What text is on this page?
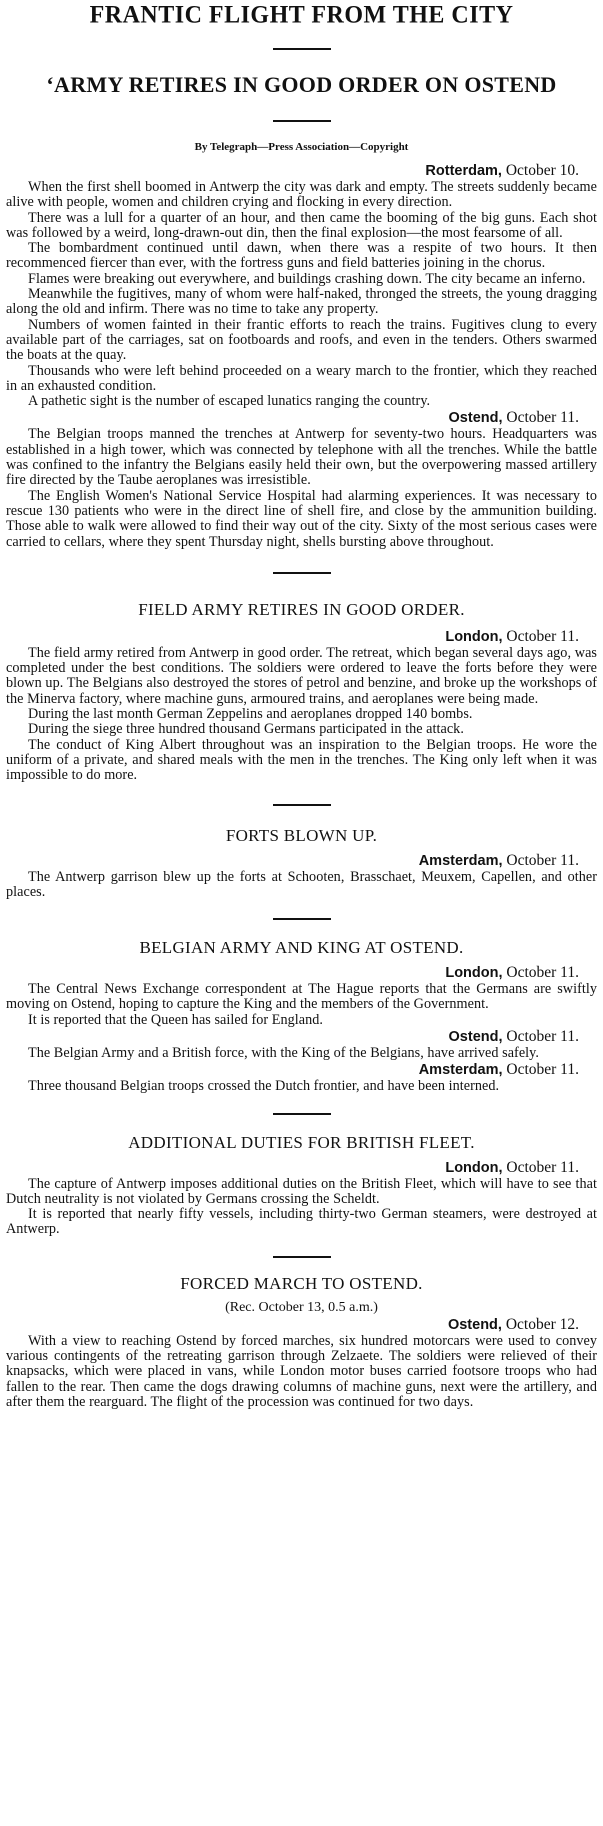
FRANTIC FLIGHT FROM THE CITY
‘ARMY RETIRES IN GOOD ORDER ON OSTEND

By Telegraph—Press Association—Copyright

Rotterdam, October 10.

When the first shell boomed in Antwerp the city was dark and empty. The streets suddenly became alive with people, women and children crying and flocking in every direction.

There was a lull for a quarter of an hour, and then came the booming of the big guns. Each shot was followed by a weird, long-drawn-out din, then the final explosion—the most fearsome of all.

The bombardment continued until dawn, when there was a respite of two hours. It then recommenced fiercer than ever, with the fortress guns and field batteries joining in the chorus.

Flames were breaking out everywhere, and buildings crashing down. The city became an inferno.

Meanwhile the fugitives, many of whom were half-naked, thronged the streets, the young dragging along the old and infirm. There was no time to take any property.

Numbers of women fainted in their frantic efforts to reach the trains. Fugitives clung to every available part of the carriages, sat on footboards and roofs, and even in the tenders. Others swarmed the boats at the quay.

Thousands who were left behind proceeded on a weary march to the frontier, which they reached in an exhausted condition.

A pathetic sight is the number of escaped lunatics ranging the country.

Ostend, October 11.

The Belgian troops manned the trenches at Antwerp for seventy-two hours. Headquarters was established in a high tower, which was connected by telephone with all the trenches. While the battle was confined to the infantry the Belgians easily held their own, but the overpowering massed artillery fire directed by the Taube aeroplanes was irresistible.

The English Women's National Service Hospital had alarming experiences. It was necessary to rescue 130 patients who were in the direct line of shell fire, and close by the ammunition building. Those able to walk were allowed to find their way out of the city. Sixty of the most serious cases were carried to cellars, where they spent Thursday night, shells bursting above throughout.

FIELD ARMY RETIRES IN GOOD ORDER.

London, October 11.

The field army retired from Antwerp in good order. The retreat, which began several days ago, was completed under the best conditions. The soldiers were ordered to leave the forts before they were blown up. The Belgians also destroyed the stores of petrol and benzine, and broke up the workshops of the Minerva factory, where machine guns, armoured trains, and aeroplanes were being made.

During the last month German Zeppelins and aeroplanes dropped 140 bombs.

During the siege three hundred thousand Germans participated in the attack.

The conduct of King Albert throughout was an inspiration to the Belgian troops. He wore the uniform of a private, and shared meals with the men in the trenches. The King only left when it was impossible to do more.

FORTS BLOWN UP.

Amsterdam, October 11.

The Antwerp garrison blew up the forts at Schooten, Brasschaet, Meuxem, Capellen, and other places.

BELGIAN ARMY AND KING AT OSTEND.

London, October 11.

The Central News Exchange correspondent at The Hague reports that the Germans are swiftly moving on Ostend, hoping to capture the King and the members of the Government.

It is reported that the Queen has sailed for England.

Ostend, October 11.

The Belgian Army and a British force, with the King of the Belgians, have arrived safely.

Amsterdam, October 11.

Three thousand Belgian troops crossed the Dutch frontier, and have been interned.

ADDITIONAL DUTIES FOR BRITISH FLEET.

London, October 11.

The capture of Antwerp imposes additional duties on the British Fleet, which will have to see that Dutch neutrality is not violated by Germans crossing the Scheldt.

It is reported that nearly fifty vessels, including thirty-two German steamers, were destroyed at Antwerp.

FORCED MARCH TO OSTEND.

(Rec. October 13, 0.5 a.m.)

Ostend, October 12.

With a view to reaching Ostend by forced marches, six hundred motorcars were used to convey various contingents of the retreating garrison through Zelzaete. The soldiers were relieved of their knapsacks, which were placed in vans, while London motor buses carried footsore troops who had fallen to the rear. Then came the dogs drawing columns of machine guns, next were the artillery, and after them the rearguard. The flight of the procession was continued for two days.
